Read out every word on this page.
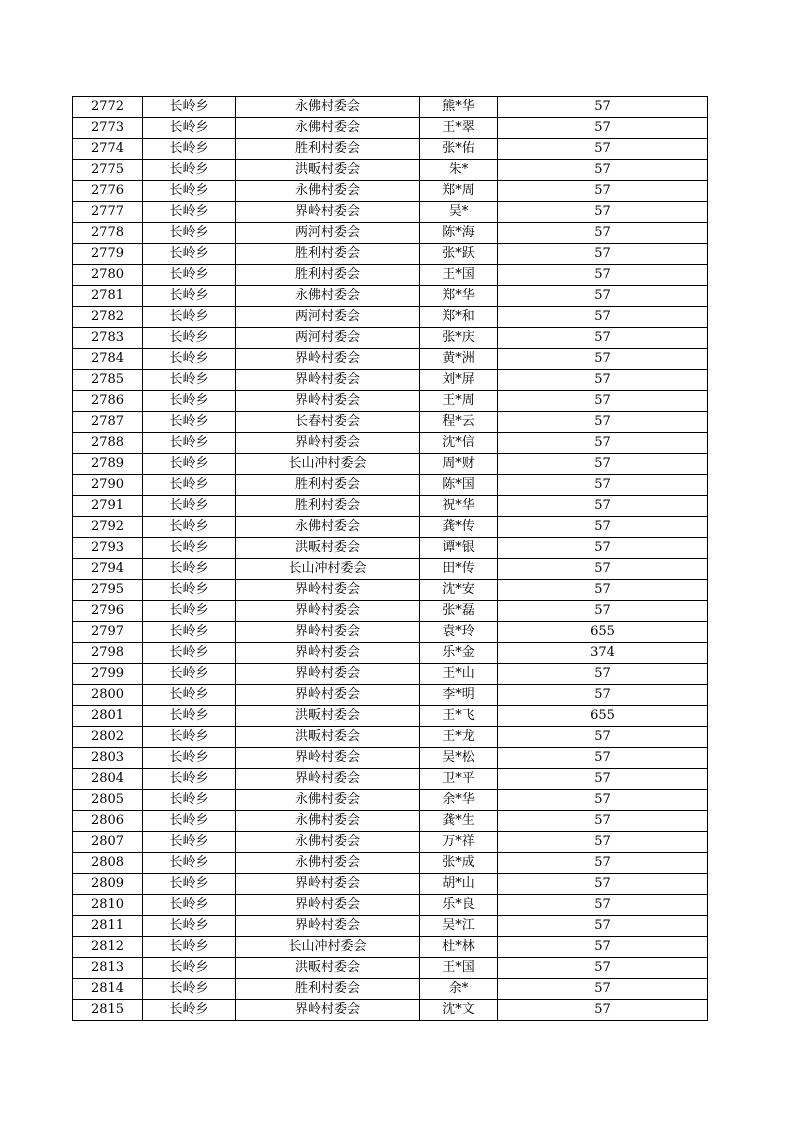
2772	长岭乡	永佛村委会	熊*华	57
2773	长岭乡	永佛村委会	王*翠	57
2774	长岭乡	胜利村委会	张*佑	57
2775	长岭乡	洪畈村委会	朱*	57
2776	长岭乡	永佛村委会	郑*周	57
2777	长岭乡	界岭村委会	吴*	57
2778	长岭乡	两河村委会	陈*海	57
2779	长岭乡	胜利村委会	张*跃	57
2780	长岭乡	胜利村委会	王*国	57
2781	长岭乡	永佛村委会	郑*华	57
2782	长岭乡	两河村委会	郑*和	57
2783	长岭乡	两河村委会	张*庆	57
2784	长岭乡	界岭村委会	黄*洲	57
2785	长岭乡	界岭村委会	刘*屏	57
2786	长岭乡	界岭村委会	王*周	57
2787	长岭乡	长春村委会	程*云	57
2788	长岭乡	界岭村委会	沈*信	57
2789	长岭乡	长山冲村委会	周*财	57
2790	长岭乡	胜利村委会	陈*国	57
2791	长岭乡	胜利村委会	祝*华	57
2792	长岭乡	永佛村委会	龚*传	57
2793	长岭乡	洪畈村委会	谭*银	57
2794	长岭乡	长山冲村委会	田*传	57
2795	长岭乡	界岭村委会	沈*安	57
2796	长岭乡	界岭村委会	张*磊	57
2797	长岭乡	界岭村委会	袁*玲	655
2798	长岭乡	界岭村委会	乐*金	374
2799	长岭乡	界岭村委会	王*山	57
2800	长岭乡	界岭村委会	李*明	57
2801	长岭乡	洪畈村委会	王*飞	655
2802	长岭乡	洪畈村委会	王*龙	57
2803	长岭乡	界岭村委会	吴*松	57
2804	长岭乡	界岭村委会	卫*平	57
2805	长岭乡	永佛村委会	余*华	57
2806	长岭乡	永佛村委会	龚*生	57
2807	长岭乡	永佛村委会	万*祥	57
2808	长岭乡	永佛村委会	张*成	57
2809	长岭乡	界岭村委会	胡*山	57
2810	长岭乡	界岭村委会	乐*良	57
2811	长岭乡	界岭村委会	吴*江	57
2812	长岭乡	长山冲村委会	杜*林	57
2813	长岭乡	洪畈村委会	王*国	57
2814	长岭乡	胜利村委会	余*	57
2815	长岭乡	界岭村委会	沈*文	57
